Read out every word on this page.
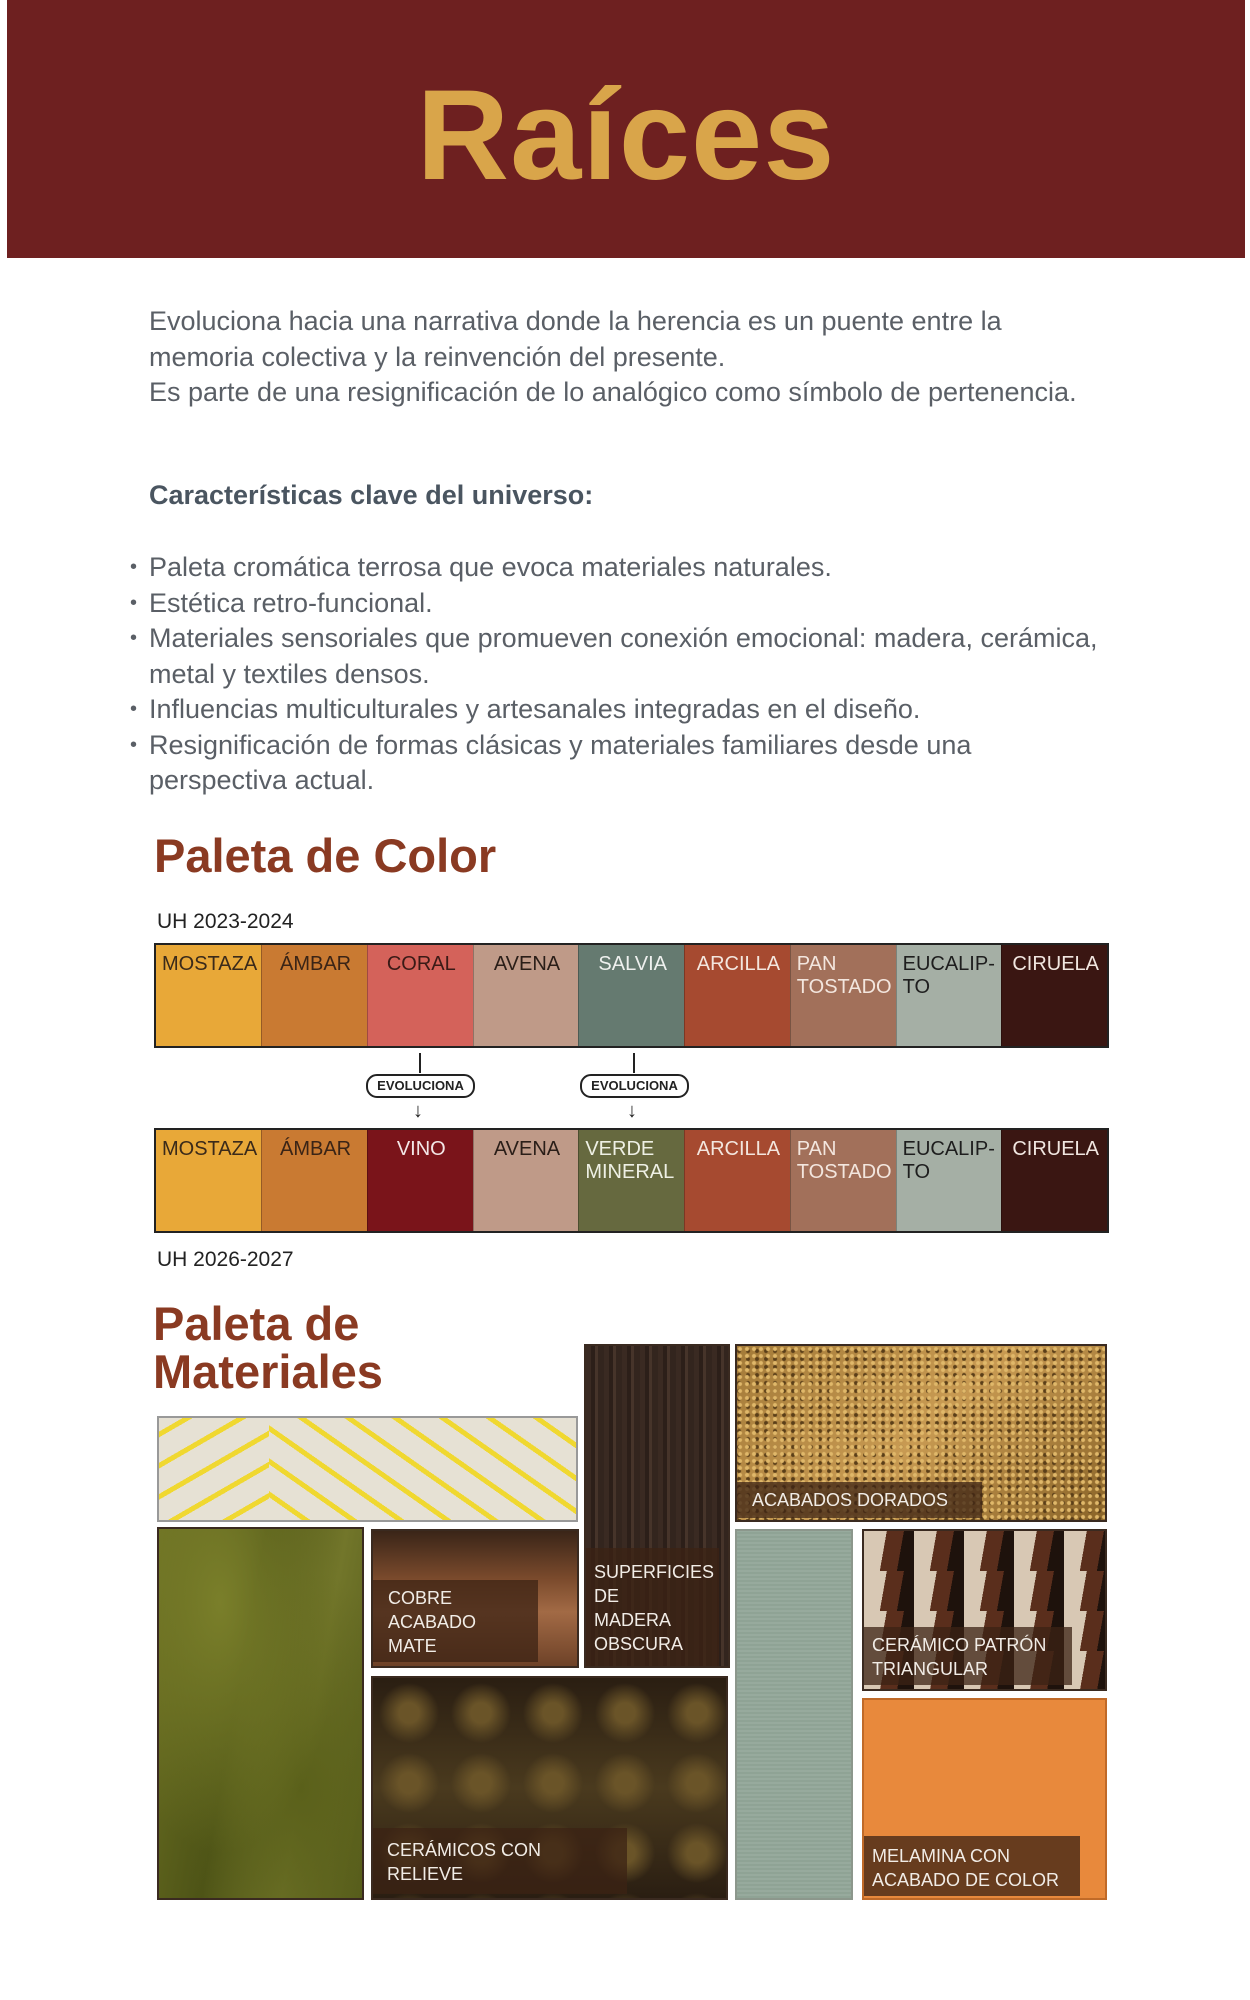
Raíces

Evoluciona hacia una narrativa donde la herencia es un puente entre la memoria colectiva y la reinvención del presente.

Es parte de una resignificación de lo analógico como símbolo de pertenencia.

Características clave del universo:
• Paleta cromática terrosa que evoca materiales naturales.
• Estética retro-funcional.
• Materiales sensoriales que promueven conexión emocional: madera, cerámica, metal y textiles densos.
• Influencias multiculturales y artesanales integradas en el diseño.
• Resignificación de formas clásicas y materiales familiares desde una perspectiva actual.
Paleta de Color
UH 2023-2024
MOSTAZA	ÁMBAR	CORAL	AVENA	SALVIA	ARCILLA PAN TOSTADO
EUCALIP-TO
CIRUELA
EVOLUCIONA
↓
EVOLUCIONA
↓
MOSTAZA	ÁMBAR	VINO	AVENA	VERDE MINERAL
ARCILLA PAN TOSTADO
EUCALIP-TO
CIRUELA
UH 2026-2027
Paleta de
Materiales
COBRE ACABADO MATE
SUPERFICIES DE MADERA OBSCURA
ACABADOS DORADOS
CERÁMICOS CON RELIEVE
CERÁMICO PATRÓN TRIANGULAR
MELAMINA CON ACABADO DE COLOR
